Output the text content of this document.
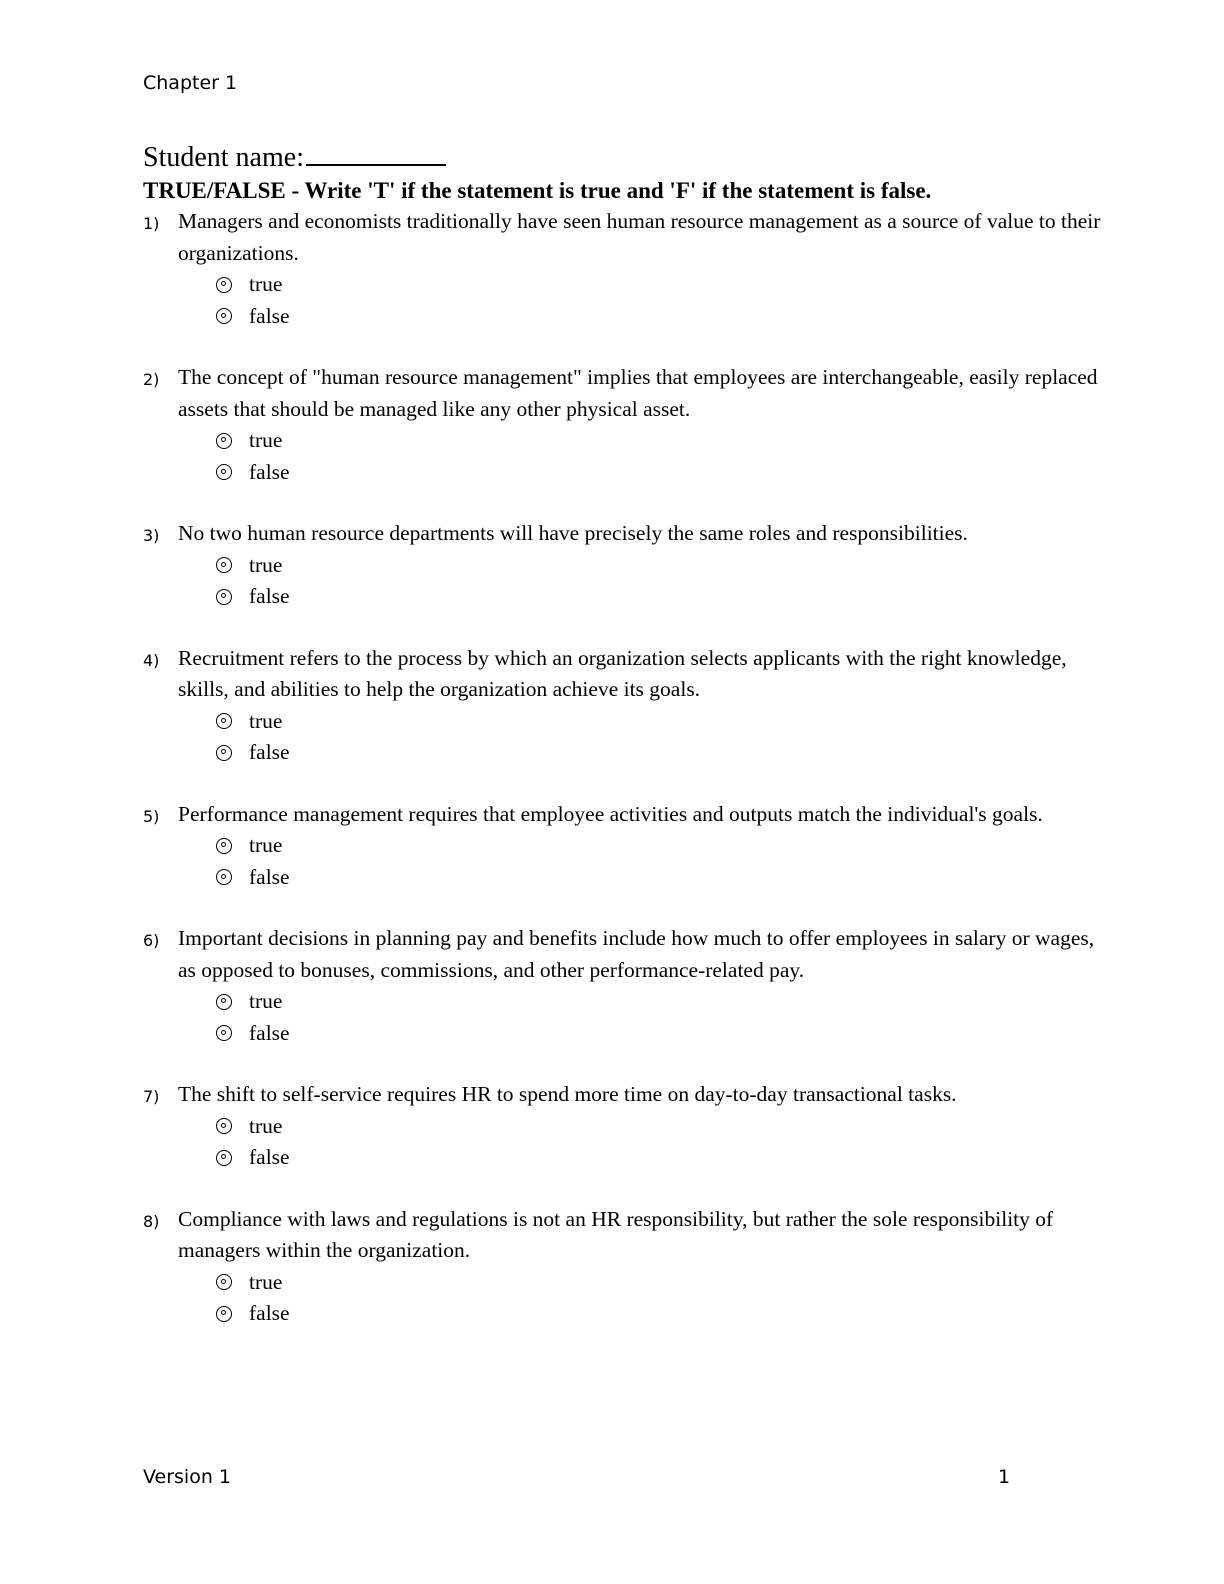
Chapter 1
Student name:
TRUE/FALSE - Write 'T' if the statement is true and 'F' if the statement is false.
1) Managers and economists traditionally have seen human resource management as a source of value to their organizations.
true
false
2) The concept of "human resource management" implies that employees are interchangeable, easily replaced assets that should be managed like any other physical asset.
true
false
3) No two human resource departments will have precisely the same roles and responsibilities.
true
false
4) Recruitment refers to the process by which an organization selects applicants with the right knowledge, skills, and abilities to help the organization achieve its goals.
true
false
5) Performance management requires that employee activities and outputs match the individual's goals.
true
false
6) Important decisions in planning pay and benefits include how much to offer employees in salary or wages, as opposed to bonuses, commissions, and other performance-related pay.
true
false
7) The shift to self-service requires HR to spend more time on day-to-day transactional tasks.
true
false
8) Compliance with laws and regulations is not an HR responsibility, but rather the sole responsibility of managers within the organization.
true
false
Version 1	1
